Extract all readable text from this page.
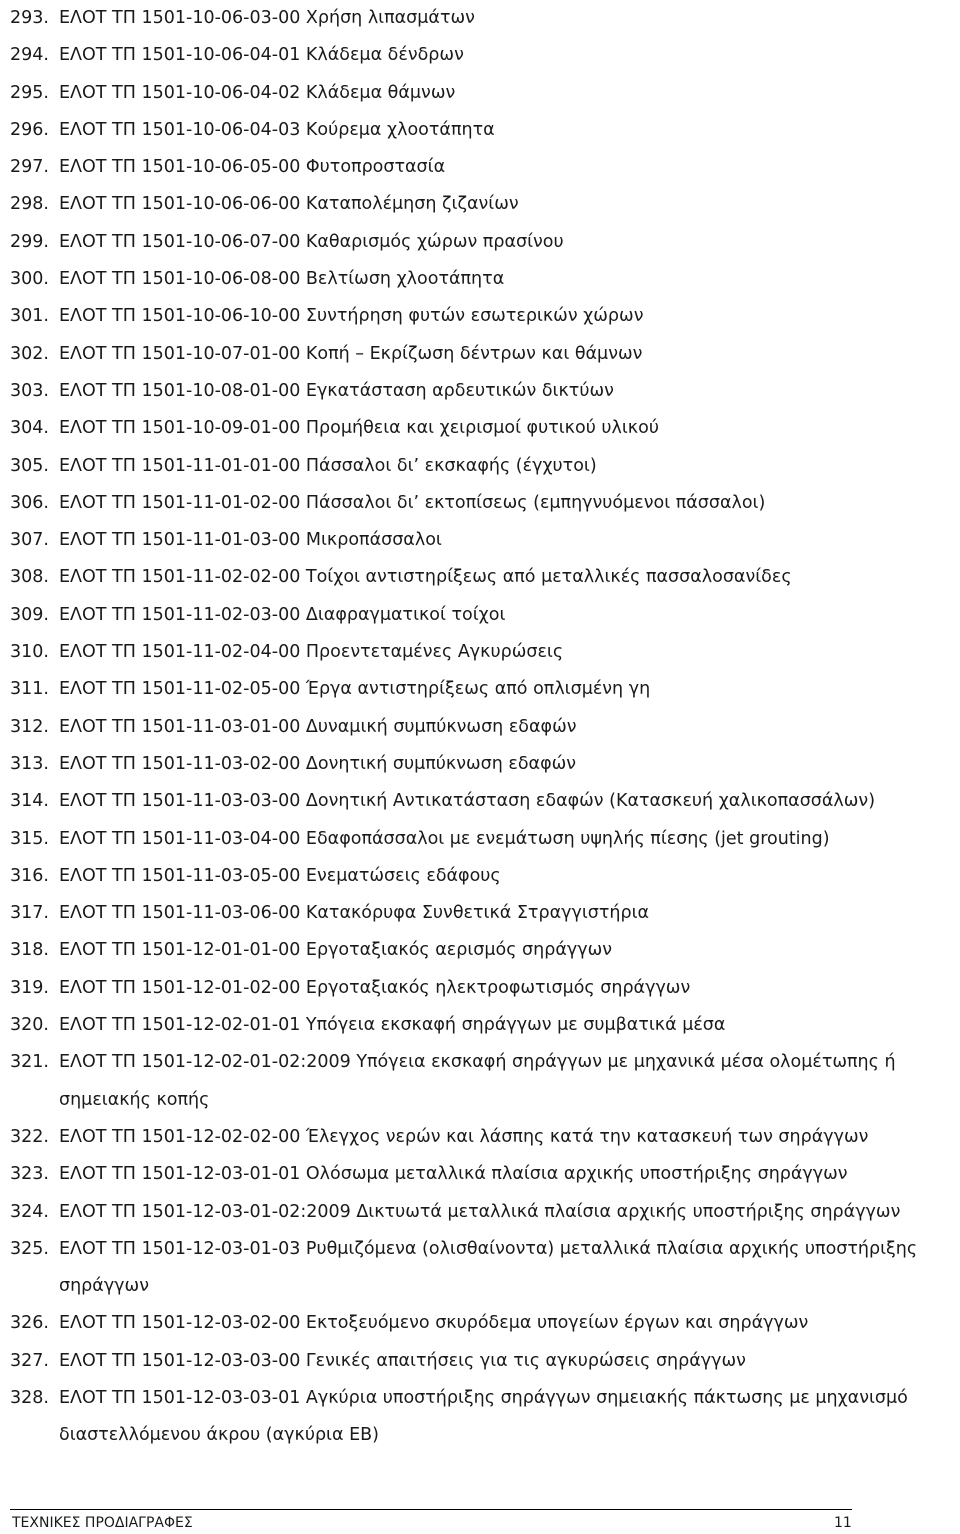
293. ΕΛΟΤ ΤΠ 1501-10-06-03-00 Χρήση λιπασμάτων
294. ΕΛΟΤ ΤΠ 1501-10-06-04-01 Κλάδεμα δένδρων
295. ΕΛΟΤ ΤΠ 1501-10-06-04-02 Κλάδεμα θάμνων
296. ΕΛΟΤ ΤΠ 1501-10-06-04-03 Κούρεμα χλοοτάπητα
297. ΕΛΟΤ ΤΠ 1501-10-06-05-00 Φυτοπροστασία
298. ΕΛΟΤ ΤΠ 1501-10-06-06-00 Καταπολέμηση ζιζανίων
299. ΕΛΟΤ ΤΠ 1501-10-06-07-00 Καθαρισμός χώρων πρασίνου
300. ΕΛΟΤ ΤΠ 1501-10-06-08-00 Βελτίωση χλοοτάπητα
301. ΕΛΟΤ ΤΠ 1501-10-06-10-00 Συντήρηση φυτών εσωτερικών χώρων
302. ΕΛΟΤ ΤΠ 1501-10-07-01-00 Κοπή – Εκρίζωση δέντρων και θάμνων
303. ΕΛΟΤ ΤΠ 1501-10-08-01-00 Εγκατάσταση αρδευτικών δικτύων
304. ΕΛΟΤ ΤΠ 1501-10-09-01-00 Προμήθεια και χειρισμοί φυτικού υλικού
305. ΕΛΟΤ ΤΠ 1501-11-01-01-00 Πάσσαλοι δι’ εκσκαφής (έγχυτοι)
306. ΕΛΟΤ ΤΠ 1501-11-01-02-00 Πάσσαλοι δι’ εκτοπίσεως (εμπηγνυόμενοι πάσσαλοι)
307. ΕΛΟΤ ΤΠ 1501-11-01-03-00 Μικροπάσσαλοι
308. ΕΛΟΤ ΤΠ 1501-11-02-02-00 Τοίχοι αντιστηρίξεως από μεταλλικές πασσαλοσανίδες
309. ΕΛΟΤ ΤΠ 1501-11-02-03-00 Διαφραγματικοί τοίχοι
310. ΕΛΟΤ ΤΠ 1501-11-02-04-00 Προεντεταμένες Αγκυρώσεις
311. ΕΛΟΤ ΤΠ 1501-11-02-05-00 Έργα αντιστηρίξεως από οπλισμένη γη
312. ΕΛΟΤ ΤΠ 1501-11-03-01-00 Δυναμική συμπύκνωση εδαφών
313. ΕΛΟΤ ΤΠ 1501-11-03-02-00 Δονητική συμπύκνωση εδαφών
314. ΕΛΟΤ ΤΠ 1501-11-03-03-00 Δονητική Αντικατάσταση εδαφών (Κατασκευή χαλικοπασσάλων)
315. ΕΛΟΤ ΤΠ 1501-11-03-04-00 Εδαφοπάσσαλοι με ενεμάτωση υψηλής πίεσης (jet grouting)
316. ΕΛΟΤ ΤΠ 1501-11-03-05-00 Ενεματώσεις εδάφους
317. ΕΛΟΤ ΤΠ 1501-11-03-06-00 Κατακόρυφα Συνθετικά Στραγγιστήρια
318. ΕΛΟΤ ΤΠ 1501-12-01-01-00 Εργοταξιακός αερισμός σηράγγων
319. ΕΛΟΤ ΤΠ 1501-12-01-02-00 Εργοταξιακός ηλεκτροφωτισμός σηράγγων
320. ΕΛΟΤ ΤΠ 1501-12-02-01-01 Υπόγεια εκσκαφή σηράγγων με συμβατικά μέσα
321. ΕΛΟΤ ΤΠ 1501-12-02-01-02:2009 Υπόγεια εκσκαφή σηράγγων με μηχανικά μέσα ολομέτωπης ή σημειακής κοπής
322. ΕΛΟΤ ΤΠ 1501-12-02-02-00 Έλεγχος νερών και λάσπης κατά την κατασκευή των σηράγγων
323. ΕΛΟΤ ΤΠ 1501-12-03-01-01 Ολόσωμα μεταλλικά πλαίσια αρχικής υποστήριξης σηράγγων
324. ΕΛΟΤ ΤΠ 1501-12-03-01-02:2009 Δικτυωτά μεταλλικά πλαίσια αρχικής υποστήριξης σηράγγων
325. ΕΛΟΤ ΤΠ 1501-12-03-01-03 Ρυθμιζόμενα (ολισθαίνοντα) μεταλλικά πλαίσια αρχικής υποστήριξης σηράγγων
326. ΕΛΟΤ ΤΠ 1501-12-03-02-00 Εκτοξευόμενο σκυρόδεμα υπογείων έργων και σηράγγων
327. ΕΛΟΤ ΤΠ 1501-12-03-03-00 Γενικές απαιτήσεις για τις αγκυρώσεις σηράγγων
328. ΕΛΟΤ ΤΠ 1501-12-03-03-01 Αγκύρια υποστήριξης σηράγγων σημειακής πάκτωσης με μηχανισμό διαστελλόμενου άκρου (αγκύρια ΕΒ)
ΤΕΧΝΙΚΕΣ ΠΡΟΔΙΑΓΡΑΦΕΣ	11
